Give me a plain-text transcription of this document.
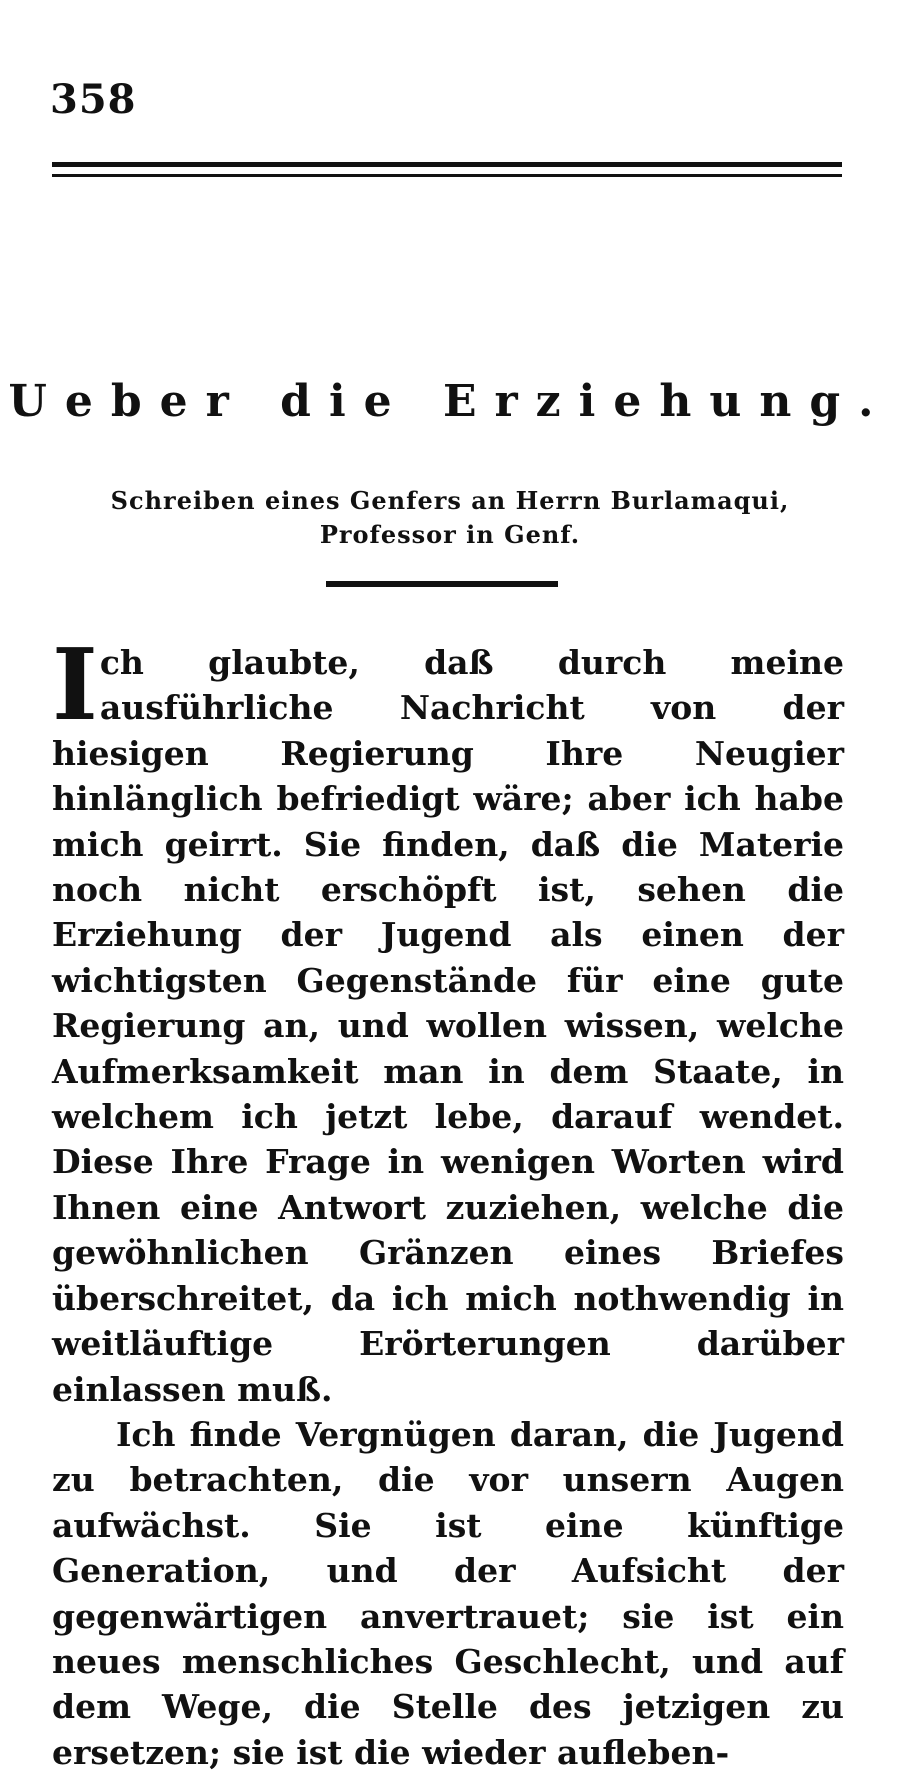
358
Ueber die Erziehung.
Schreiben eines Genfers an Herrn Burlamaqui, Professor in Genf.

Ich glaubte, daß durch meine ausführliche Nachricht von der hiesigen Regierung Ihre Neugier hinlänglich befriedigt wäre; aber ich habe mich geirrt. Sie finden, daß die Materie noch nicht erschöpft ist, sehen die Erziehung der Jugend als einen der wichtigsten Gegenstände für eine gute Regierung an, und wollen wissen, welche Aufmerksamkeit man in dem Staate, in welchem ich jetzt lebe, darauf wendet. Diese Ihre Frage in wenigen Worten wird Ihnen eine Antwort zuziehen, welche die gewöhnlichen Gränzen eines Briefes überschreitet, da ich mich nothwendig in weitläuftige Erörterungen darüber einlassen muß.

Ich finde Vergnügen daran, die Jugend zu betrachten, die vor unsern Augen aufwächst. Sie ist eine künftige Generation, und der Aufsicht der gegenwärtigen anvertrauet; sie ist ein neues menschliches Geschlecht, und auf dem Wege, die Stelle des jetzigen zu ersetzen; sie ist die wieder aufleben-
